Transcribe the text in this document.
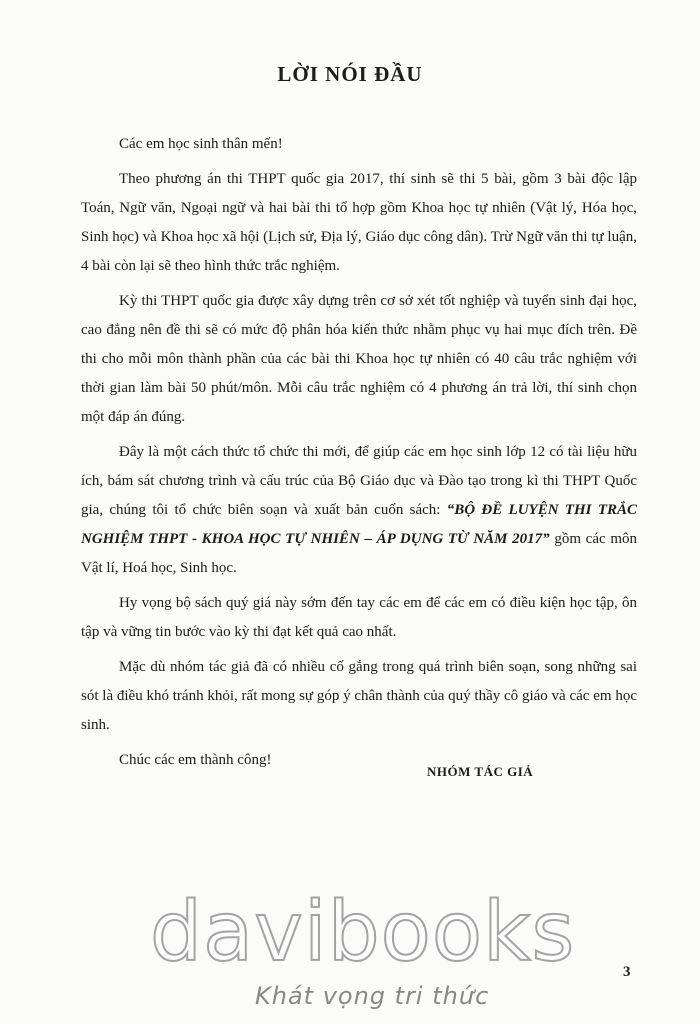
LỜI NÓI ĐẦU

Các em học sinh thân mến!

Theo phương án thi THPT quốc gia 2017, thí sinh sẽ thi 5 bài, gồm 3 bài độc lập Toán, Ngữ văn, Ngoại ngữ và hai bài thi tổ hợp gồm Khoa học tự nhiên (Vật lý, Hóa học, Sinh học) và Khoa học xã hội (Lịch sử, Địa lý, Giáo dục công dân). Trừ Ngữ văn thi tự luận, 4 bài còn lại sẽ theo hình thức trắc nghiệm.

Kỳ thi THPT quốc gia được xây dựng trên cơ sở xét tốt nghiệp và tuyển sinh đại học, cao đẳng nên đề thi sẽ có mức độ phân hóa kiến thức nhằm phục vụ hai mục đích trên. Đề thi cho mỗi môn thành phần của các bài thi Khoa học tự nhiên có 40 câu trắc nghiệm với thời gian làm bài 50 phút/môn. Mỗi câu trắc nghiệm có 4 phương án trả lời, thí sinh chọn một đáp án đúng.

Đây là một cách thức tổ chức thi mới, để giúp các em học sinh lớp 12 có tài liệu hữu ích, bám sát chương trình và cấu trúc của Bộ Giáo dục và Đào tạo trong kì thi THPT Quốc gia, chúng tôi tổ chức biên soạn và xuất bản cuốn sách: “BỘ ĐỀ LUYỆN THI TRẮC NGHIỆM THPT - KHOA HỌC TỰ NHIÊN – ÁP DỤNG TỪ NĂM 2017” gồm các môn Vật lí, Hoá học, Sinh học.

Hy vọng bộ sách quý giá này sớm đến tay các em để các em có điều kiện học tập, ôn tập và vững tin bước vào kỳ thi đạt kết quả cao nhất.

Mặc dù nhóm tác giả đã có nhiều cố gắng trong quá trình biên soạn, song những sai sót là điều khó tránh khỏi, rất mong sự góp ý chân thành của quý thầy cô giáo và các em học sinh.

Chúc các em thành công!

NHÓM TÁC GIẢ
davibooks
Khát vọng tri thức
3
